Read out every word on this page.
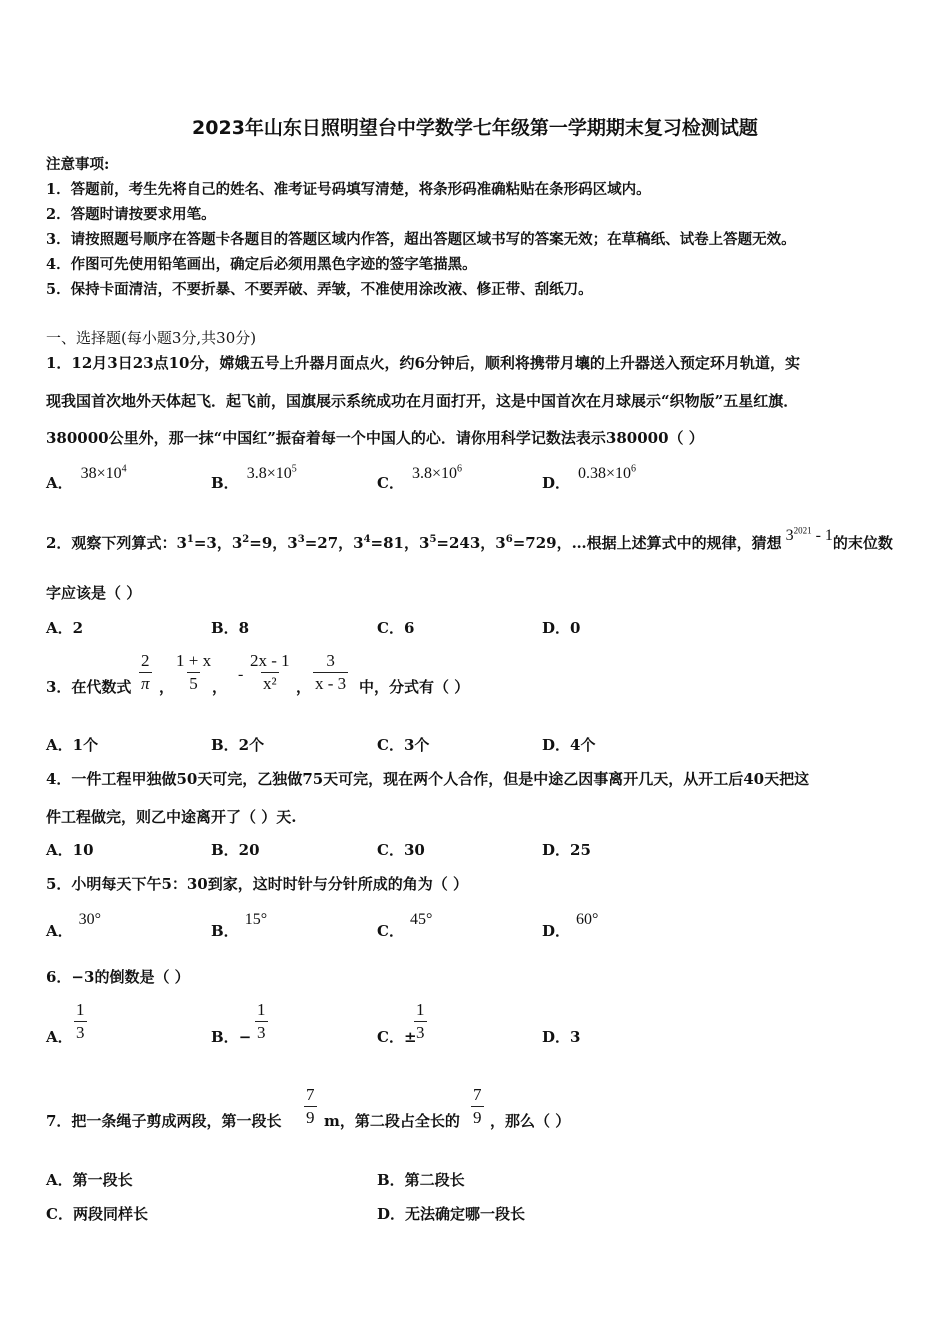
2023年山东日照明望台中学数学七年级第一学期期末复习检测试题
注意事项:
1．答题前，考生先将自己的姓名、准考证号码填写清楚，将条形码准确粘贴在条形码区域内。
2．答题时请按要求用笔。
3．请按照题号顺序在答题卡各题目的答题区域内作答，超出答题区域书写的答案无效；在草稿纸、试卷上答题无效。
4．作图可先使用铅笔画出，确定后必须用黑色字迹的签字笔描黑。
5．保持卡面清洁，不要折暴、不要弄破、弄皱，不准使用涂改液、修正带、刮纸刀。
一、选择题(每小题3分,共30分)
1．12月3日23点10分，嫦娥五号上升器月面点火，约6分钟后，顺利将携带月壤的上升器送入预定环月轨道，实
现我国首次地外天体起飞．起飞前，国旗展示系统成功在月面打开，这是中国首次在月球展示“织物版”五星红旗．
380000公里外，那一抹“中国红”振奋着每一个中国人的心．请你用科学记数法表示380000（ ）
A．$38\times 10^4$
B．$3.8\times 10^5$
C．$3.8\times 10^6$
D．$0.38\times 10^6$
2．观察下列算式：$3^1=3$，$3^2=9$，$3^3=27$，$3^4=81$，$3^5=243$，$3^6=729$，…根据上述算式中的规律，猜想 $3^{2021} - 1$的末位数
字应该是（ ）
A．2	B．8	C．6	D．0
3．在代数式 $\frac{2}{\pi}$ ， $\frac{1 + x}{5}$
，
- $\frac{2x - 1}{\text{x²}}$ ， $\frac{3}{x - 3}$ 中，分式有（ ）
A．1个	B．2个	C．3个	D．4个
4．一件工程甲独做50天可完，乙独做75天可完，现在两个人合作，但是中途乙因事离开几天，从开工后40天把这
件工程做完，则乙中途离开了（ ）天.
A．10	B．20	C．30	D．25
5．小明每天下午5：30到家，这时时针与分针所成的角为（ ）
A．30°
B．15°
C．45°
D．60°
6．−3的倒数是（ ）
A． $\frac{1}{3}$	B．− $\frac{1}{3}$	C．±
$\frac{1}{3}$	D．3
7．把一条绳子剪成两段，第一段长 $\frac{7}{9}$ m，第二段占全长的 $\frac{7}{9}$ ，那么（ ）
A．第一段长	B．第二段长
C．两段同样长	D．无法确定哪一段长
